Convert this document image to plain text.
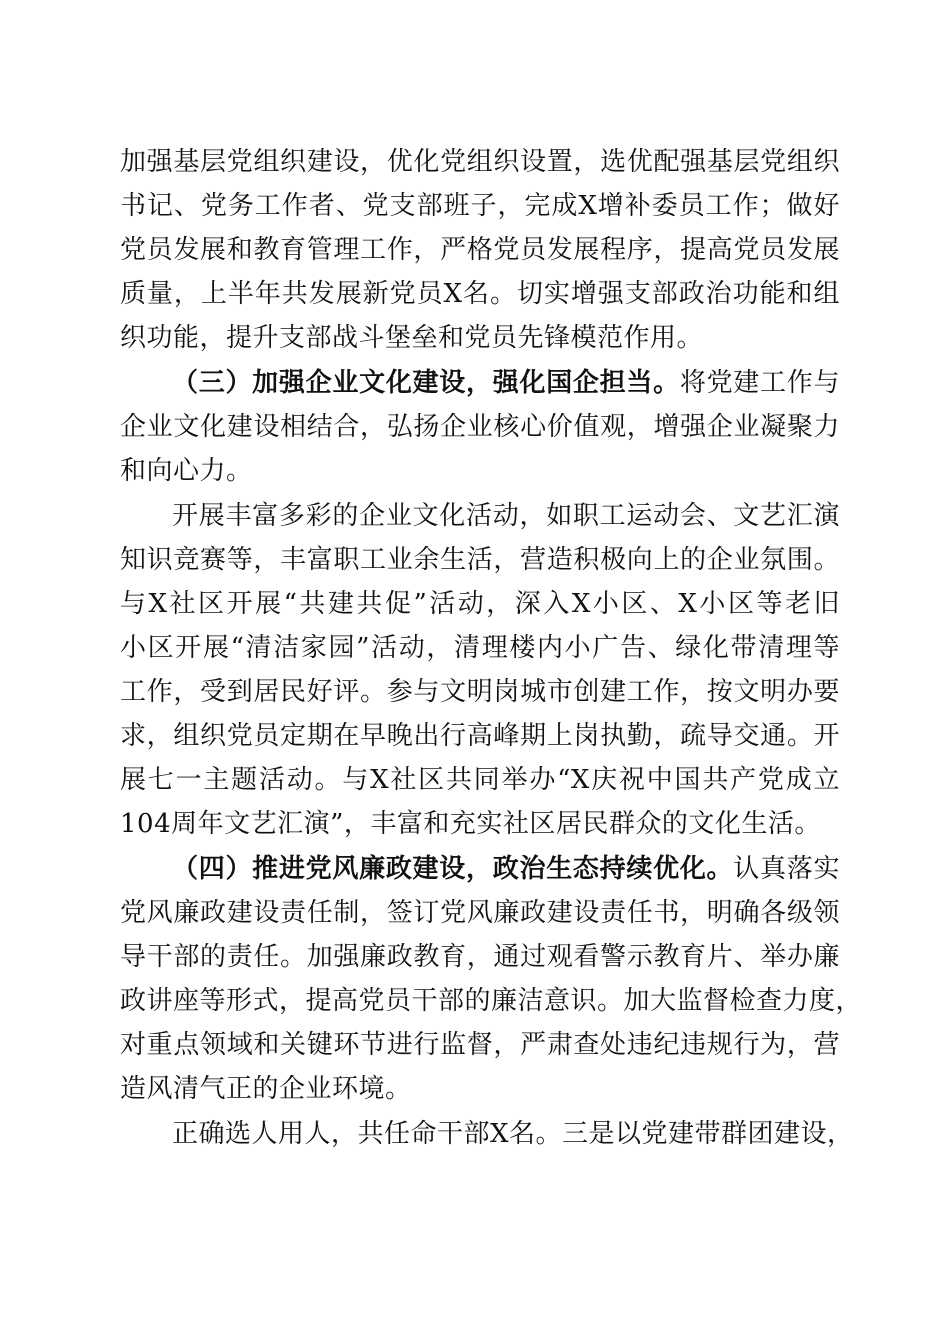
加强基层党组织建设，优化党组织设置，选优配强基层党组织
书记、党务工作者、党支部班子，完成X增补委员工作；做好
党员发展和教育管理工作，严格党员发展程序，提高党员发展
质量，上半年共发展新党员X名。切实增强支部政治功能和组
织功能，提升支部战斗堡垒和党员先锋模范作用。
（三）加强企业文化建设，强化国企担当。将党建工作与
企业文化建设相结合，弘扬企业核心价值观，增强企业凝聚力
和向心力。
开展丰富多彩的企业文化活动，如职工运动会、文艺汇演
知识竞赛等，丰富职工业余生活，营造积极向上的企业氛围。
与X社区开展“共建共促”活动，深入X小区、X小区等老旧
小区开展“清洁家园”活动，清理楼内小广告、绿化带清理等
工作，受到居民好评。参与文明岗城市创建工作，按文明办要
求，组织党员定期在早晚出行高峰期上岗执勤，疏导交通。开
展七一主题活动。与X社区共同举办“X庆祝中国共产党成立
104周年文艺汇演”，丰富和充实社区居民群众的文化生活。
（四）推进党风廉政建设，政治生态持续优化。认真落实
党风廉政建设责任制，签订党风廉政建设责任书，明确各级领
导干部的责任。加强廉政教育，通过观看警示教育片、举办廉
政讲座等形式，提高党员干部的廉洁意识。加大监督检查力度，
对重点领域和关键环节进行监督，严肃查处违纪违规行为，营
造风清气正的企业环境。
正确选人用人，共任命干部X名。三是以党建带群团建设，
